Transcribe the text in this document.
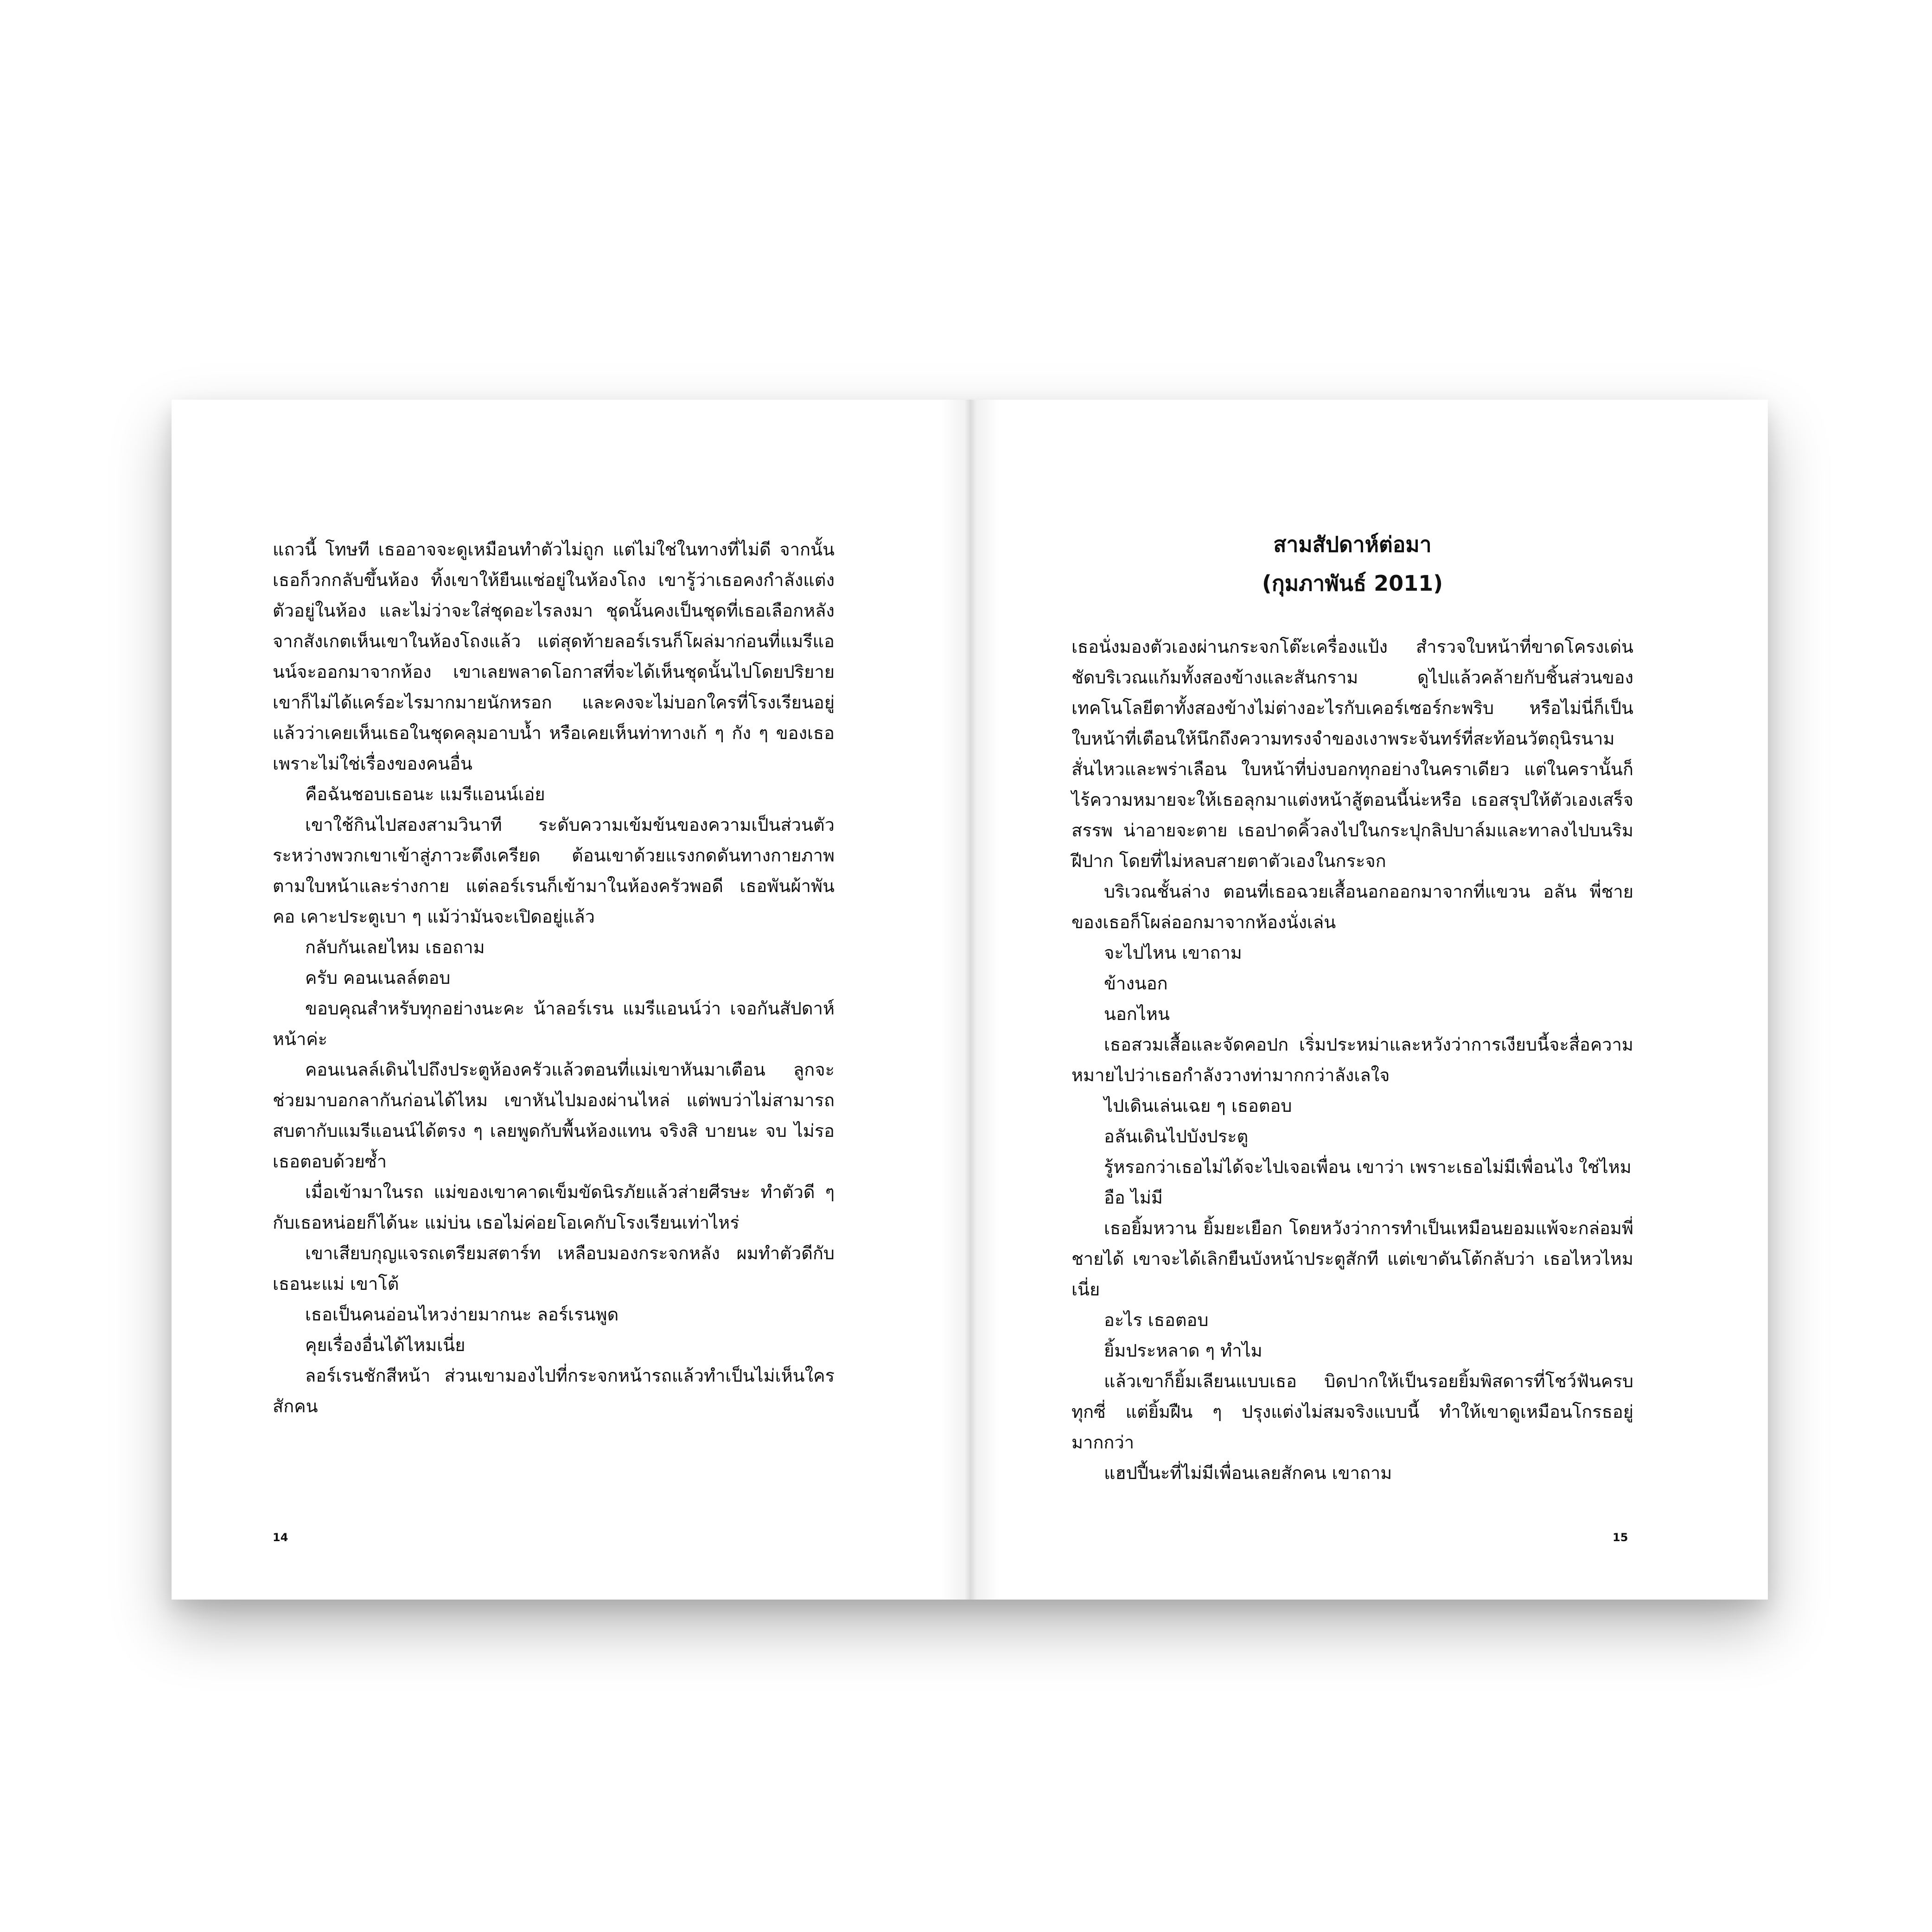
แถวนี้ โทษที เธออาจจะดูเหมือนทำตัวไม่ถูก แต่ไม่ใช่ในทางที่ไม่ดี จากนั้นเธอก็วกกลับขึ้นห้อง ทิ้งเขาให้ยืนแช่อยู่ในห้องโถง เขารู้ว่าเธอคงกำลังแต่งตัวอยู่ในห้อง และไม่ว่าจะใส่ชุดอะไรลงมา ชุดนั้นคงเป็นชุดที่เธอเลือกหลังจากสังเกตเห็นเขาในห้องโถงแล้ว แต่สุดท้ายลอร์เรนก็โผล่มาก่อนที่แมรีแอนน์จะออกมาจากห้อง เขาเลยพลาดโอกาสที่จะได้เห็นชุดนั้นไปโดยปริยาย เขาก็ไม่ได้แคร์อะไรมากมายนักหรอก และคงจะไม่บอกใครที่โรงเรียนอยู่แล้วว่าเคยเห็นเธอในชุดคลุมอาบน้ำ หรือเคยเห็นท่าทางเก้ ๆ กัง ๆ ของเธอเพราะไม่ใช่เรื่องของคนอื่น

คือฉันชอบเธอนะ แมรีแอนน์เอ่ย

เขาใช้กินไปสองสามวินาที ระดับความเข้มข้นของความเป็นส่วนตัวระหว่างพวกเขาเข้าสู่ภาวะตึงเครียด ต้อนเขาด้วยแรงกดดันทางกายภาพตามใบหน้าและร่างกาย แต่ลอร์เรนก็เข้ามาในห้องครัวพอดี เธอพันผ้าพันคอ เคาะประตูเบา ๆ แม้ว่ามันจะเปิดอยู่แล้ว

กลับกันเลยไหม เธอถาม

ครับ คอนเนลล์ตอบ

ขอบคุณสำหรับทุกอย่างนะคะ น้าลอร์เรน แมรีแอนน์ว่า เจอกันสัปดาห์หน้าค่ะ

คอนเนลล์เดินไปถึงประตูห้องครัวแล้วตอนที่แม่เขาหันมาเตือน ลูกจะช่วยมาบอกลากันก่อนได้ไหม เขาหันไปมองผ่านไหล่ แต่พบว่าไม่สามารถสบตากับแมรีแอนน์ได้ตรง ๆ เลยพูดกับพื้นห้องแทน จริงสิ บายนะ จบ ไม่รอเธอตอบด้วยซ้ำ

เมื่อเข้ามาในรถ แม่ของเขาคาดเข็มขัดนิรภัยแล้วส่ายศีรษะ ทำตัวดี ๆ กับเธอหน่อยก็ได้นะ แม่บ่น เธอไม่ค่อยโอเคกับโรงเรียนเท่าไหร่

เขาเสียบกุญแจรถเตรียมสตาร์ท เหลือบมองกระจกหลัง ผมทำตัวดีกับเธอนะแม่ เขาโต้

เธอเป็นคนอ่อนไหวง่ายมากนะ ลอร์เรนพูด

คุยเรื่องอื่นได้ไหมเนี่ย

ลอร์เรนชักสีหน้า ส่วนเขามองไปที่กระจกหน้ารถแล้วทำเป็นไม่เห็นใครสักคน

14
สามสัปดาห์ต่อมา
(กุมภาพันธ์ 2011)

เธอนั่งมองตัวเองผ่านกระจกโต๊ะเครื่องแป้ง สำรวจใบหน้าที่ขาดโครงเด่นชัดบริเวณแก้มทั้งสองข้างและสันกราม ดูไปแล้วคล้ายกับชิ้นส่วนของเทคโนโลยีตาทั้งสองข้างไม่ต่างอะไรกับเคอร์เซอร์กะพริบ หรือไม่นี่ก็เป็นใบหน้าที่เตือนให้นึกถึงความทรงจำของเงาพระจันทร์ที่สะท้อนวัตถุนิรนาม สั่นไหวและพร่าเลือน ใบหน้าที่บ่งบอกทุกอย่างในคราเดียว แต่ในครานั้นก็ไร้ความหมายจะให้เธอลุกมาแต่งหน้าสู้ตอนนี้น่ะหรือ เธอสรุปให้ตัวเองเสร็จสรรพ น่าอายจะตาย เธอปาดคิ้วลงไปในกระปุกลิปบาล์มและทาลงไปบนริมฝีปาก โดยที่ไม่หลบสายตาตัวเองในกระจก

บริเวณชั้นล่าง ตอนที่เธอฉวยเสื้อนอกออกมาจากที่แขวน อลัน พี่ชายของเธอก็โผล่ออกมาจากห้องนั่งเล่น

จะไปไหน เขาถาม

ข้างนอก

นอกไหน

เธอสวมเสื้อและจัดคอปก เริ่มประหม่าและหวังว่าการเงียบนี้จะสื่อความหมายไปว่าเธอกำลังวางท่ามากกว่าลังเลใจ

ไปเดินเล่นเฉย ๆ เธอตอบ

อลันเดินไปบังประตู

รู้หรอกว่าเธอไม่ได้จะไปเจอเพื่อน เขาว่า เพราะเธอไม่มีเพื่อนไง ใช่ไหม

อือ ไม่มี

เธอยิ้มหวาน ยิ้มยะเยือก โดยหวังว่าการทำเป็นเหมือนยอมแพ้จะกล่อมพี่ชายได้ เขาจะได้เลิกยืนบังหน้าประตูสักที แต่เขาดันโต้กลับว่า เธอไหวไหมเนี่ย

อะไร เธอตอบ

ยิ้มประหลาด ๆ ทำไม

แล้วเขาก็ยิ้มเลียนแบบเธอ บิดปากให้เป็นรอยยิ้มพิสดารที่โชว์ฟันครบทุกซี่ แต่ยิ้มฝืน ๆ ปรุงแต่งไม่สมจริงแบบนี้ ทำให้เขาดูเหมือนโกรธอยู่มากกว่า

แฮปปี้นะที่ไม่มีเพื่อนเลยสักคน เขาถาม

15
